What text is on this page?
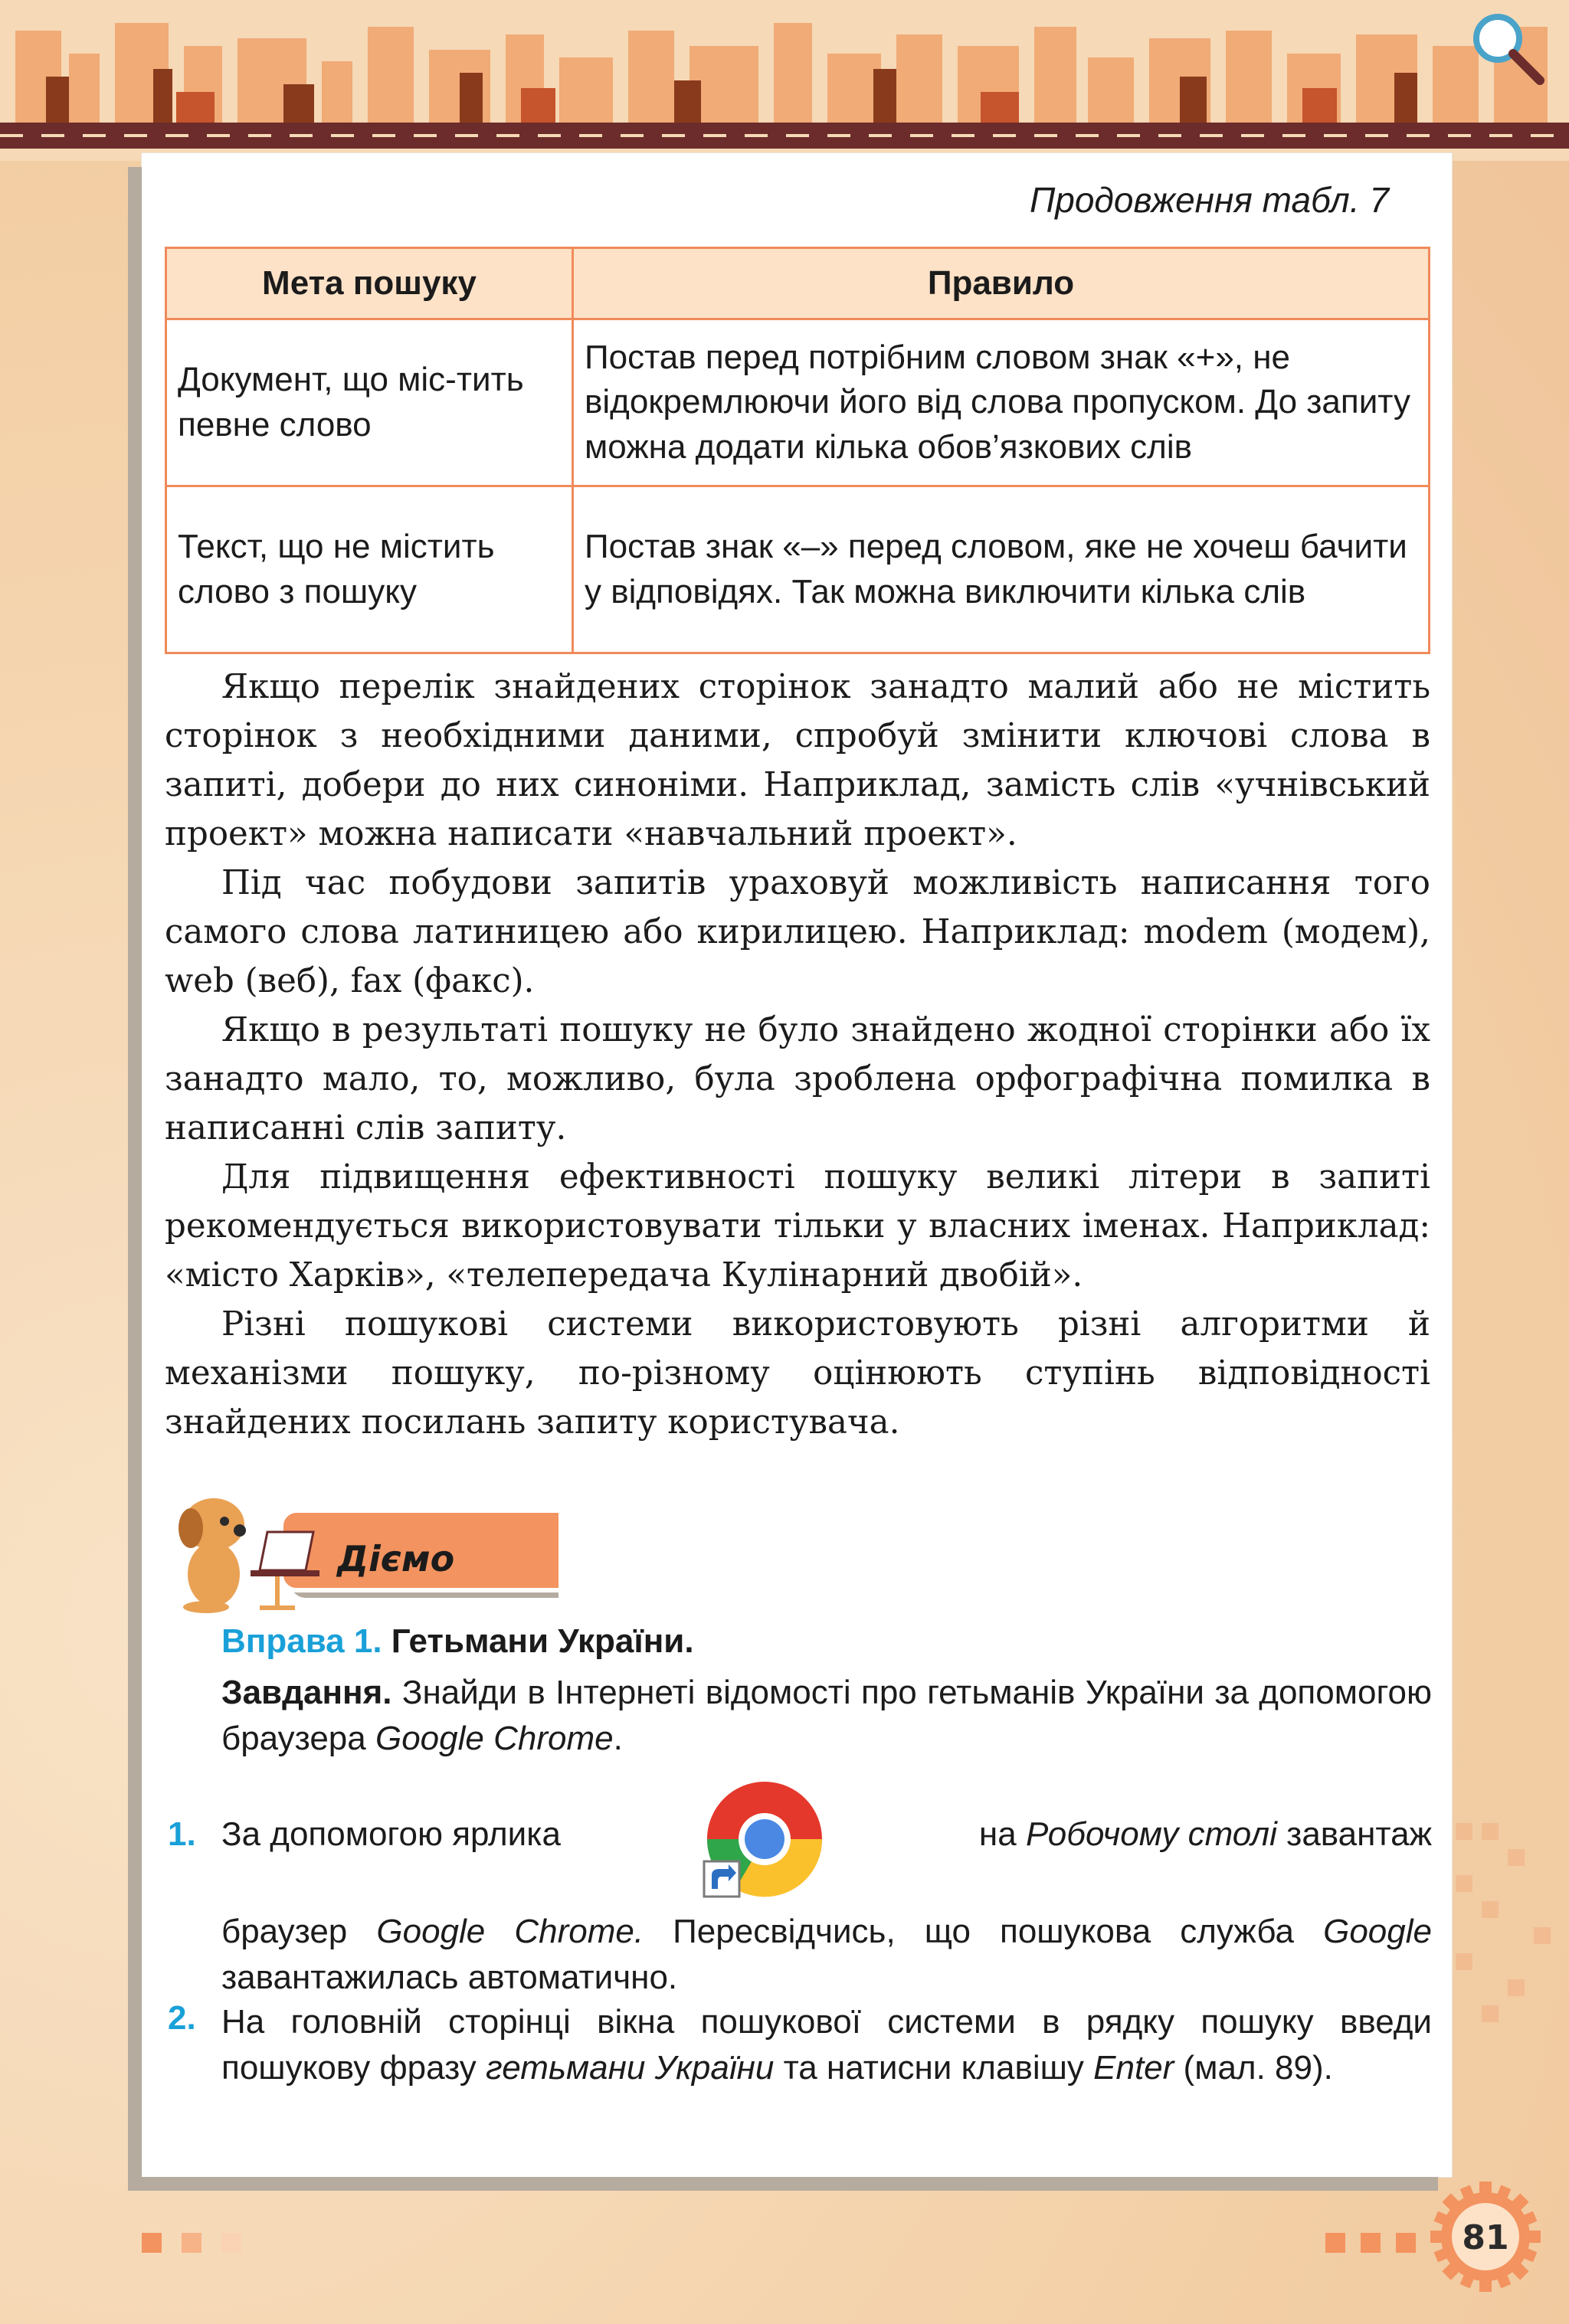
Продовження табл. 7
Мета пошуку	Правило
Документ, що міс-тить певне слово	Постав перед потрібним словом знак «+», не відокремлюючи його від слова пропуском. До запиту можна додати кілька обов’язкових слів
Текст, що не містить слово з пошуку	Постав знак «–» перед словом, яке не хочеш бачити у відповідях. Так можна виключити кілька слів

Якщо перелік знайдених сторінок занадто малий або не містить сторінок з необхідними даними, спробуй змінити ключові слова в запиті, добери до них синоніми. Наприклад, замість слів «учнівський проект» можна написати «навчальний проект».

Під час побудови запитів ураховуй можливість написання того самого слова латиницею або кирилицею. Наприклад: modem (модем), web (веб), fax (факс).

Якщо в результаті пошуку не було знайдено жодної сторінки або їх занадто мало, то, можливо, була зроблена орфографічна помилка в написанні слів запиту.

Для підвищення ефективності пошуку великі літери в запиті рекомендується використовувати тільки у власних іменах. Наприклад: «місто Харків», «телепередача Кулінарний двобій».

Різні пошукові системи використовують різні алгоритми й механізми пошуку, по-різному оцінюють ступінь відповідності знайдених посилань запиту користувача.

Діємо
Вправа 1. Гетьмани України.
Завдання. Знайди в Інтернеті відомості про гетьманів України за допомогою браузера Google Chrome.
1. За допомогою ярлика	на Робочому столі завантаж
браузер Google Chrome. Пересвідчись, що пошукова служба Google завантажилась автоматично.
2. На головній сторінці вікна пошукової системи в рядку пошуку введи пошукову фразу гетьмани України та натисни клавішу Enter (мал. 89).
81
